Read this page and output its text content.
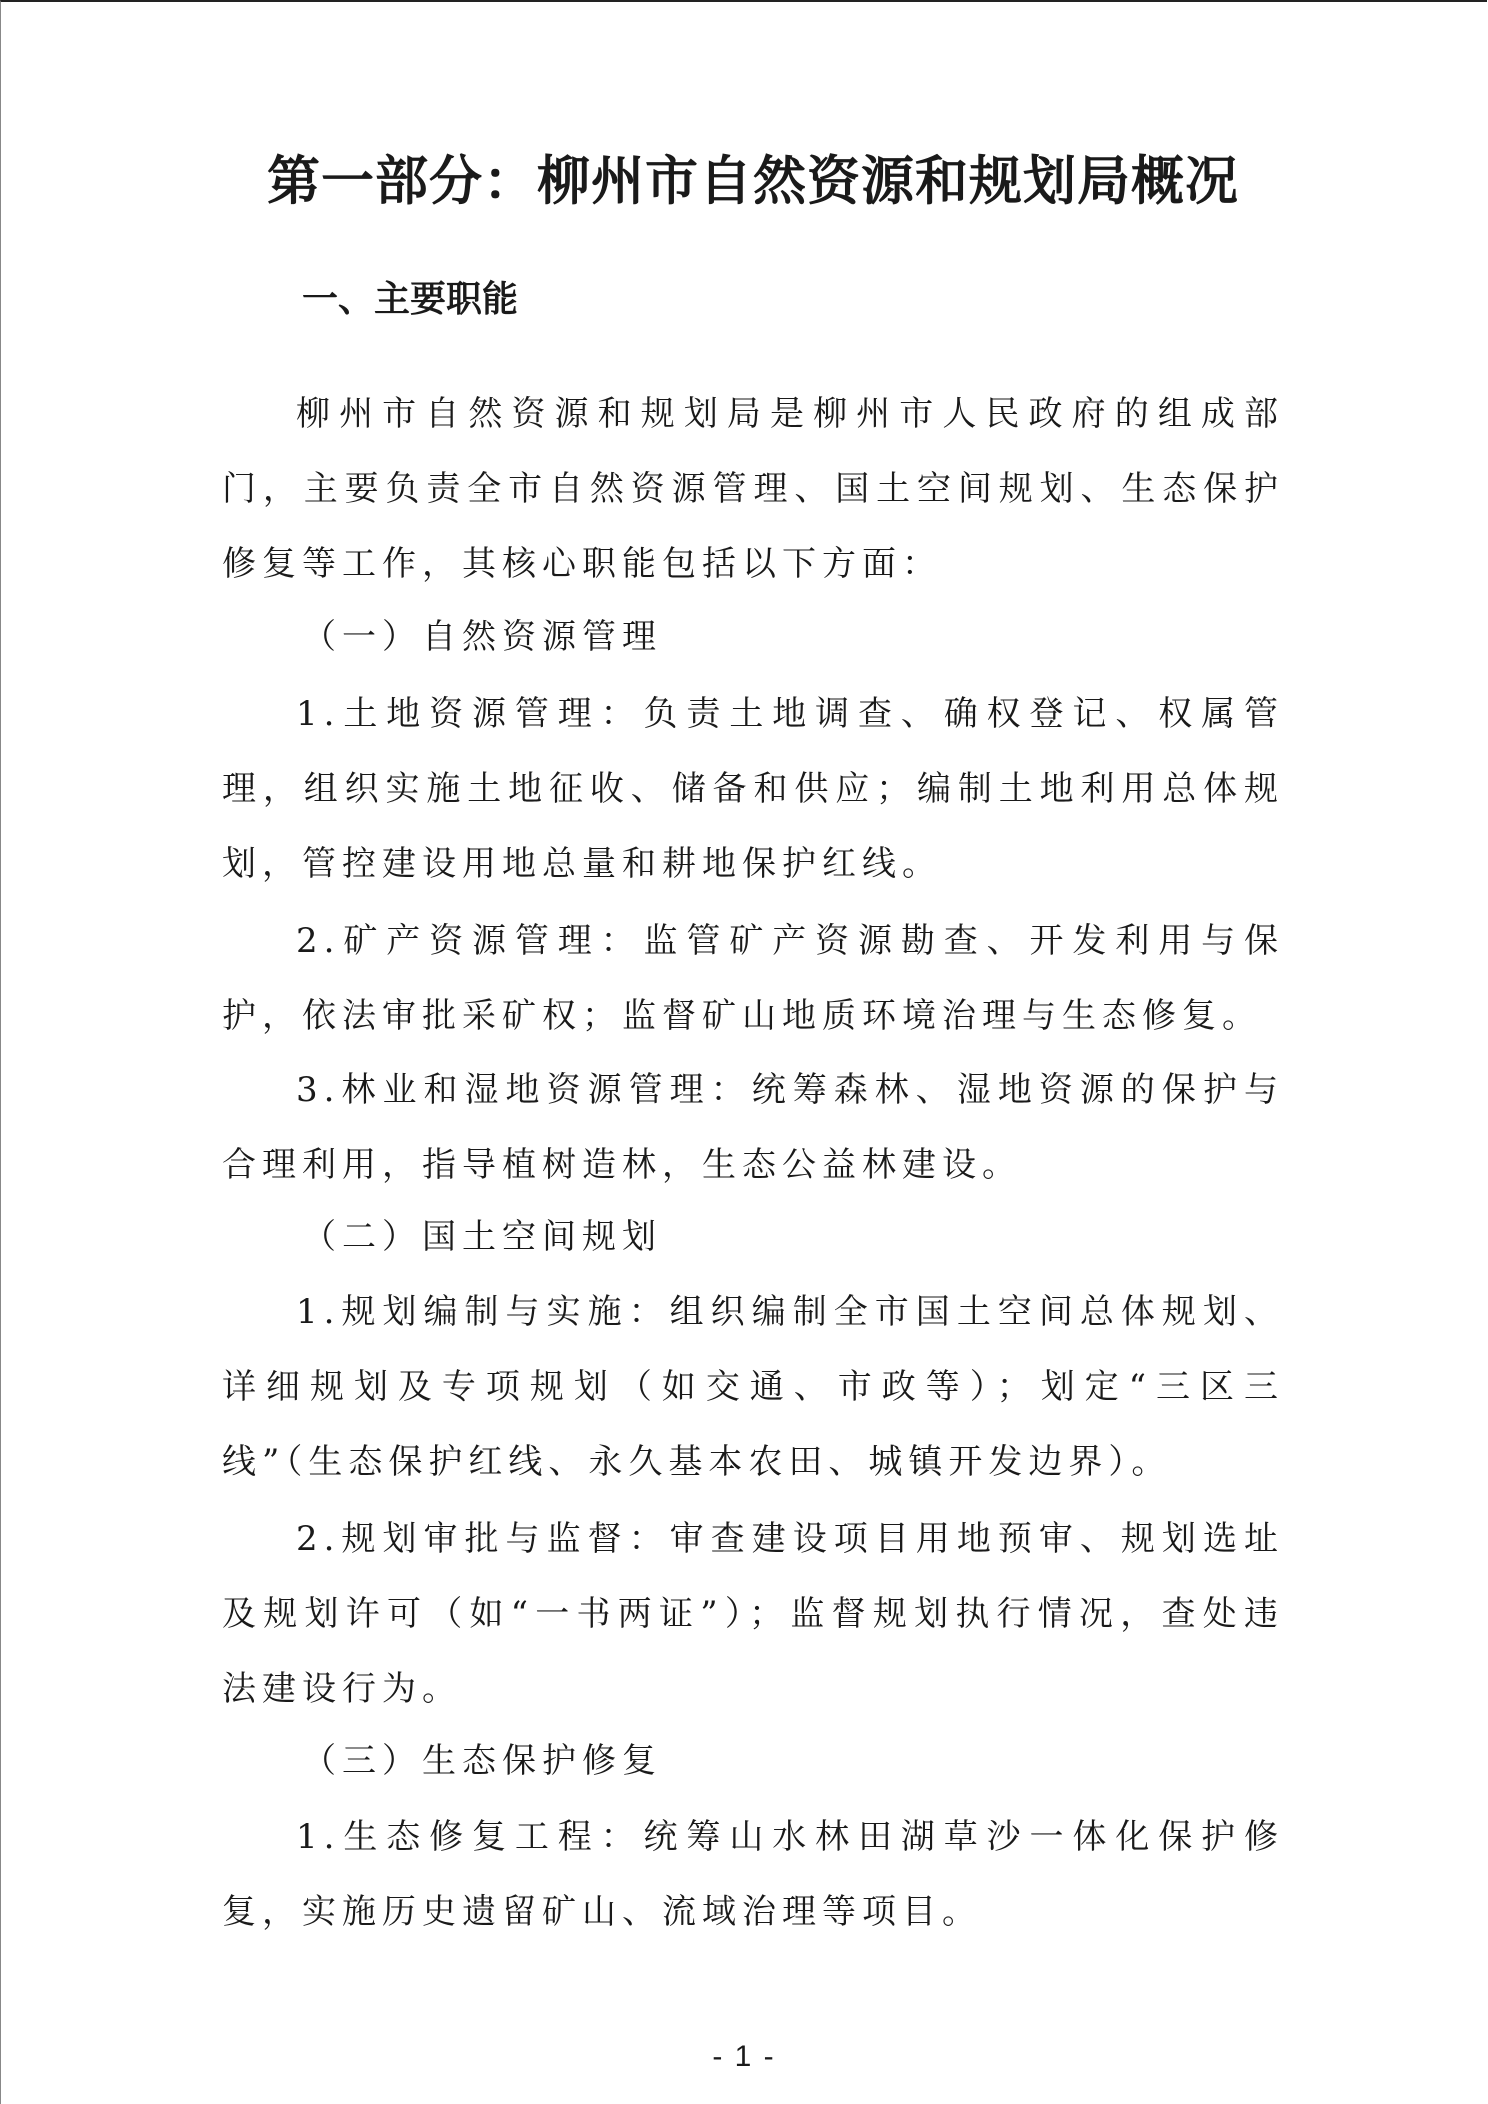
第一部分：柳州市自然资源和规划局概况
一、主要职能

柳州市自然资源和规划局是柳州市人民政府的组成部门，主要负责全市自然资源管理、国土空间规划、生态保护修复等工作，其核心职能包括以下方面：

（一）自然资源管理

1.土地资源管理：负责土地调查、确权登记、权属管理，组织实施土地征收、储备和供应；编制土地利用总体规划，管控建设用地总量和耕地保护红线。

2.矿产资源管理：监管矿产资源勘查、开发利用与保护，依法审批采矿权；监督矿山地质环境治理与生态修复。

3.林业和湿地资源管理：统筹森林、湿地资源的保护与合理利用，指导植树造林，生态公益林建设。

（二）国土空间规划

1.规划编制与实施：组织编制全市国土空间总体规划、详细规划及专项规划（如交通、市政等）；划定“三区三线”（生态保护红线、永久基本农田、城镇开发边界）。

2.规划审批与监督：审查建设项目用地预审、规划选址及规划许可（如“一书两证”）；监督规划执行情况，查处违法建设行为。

（三）生态保护修复

1.生态修复工程：统筹山水林田湖草沙一体化保护修复，实施历史遗留矿山、流域治理等项目。

- 1 -
